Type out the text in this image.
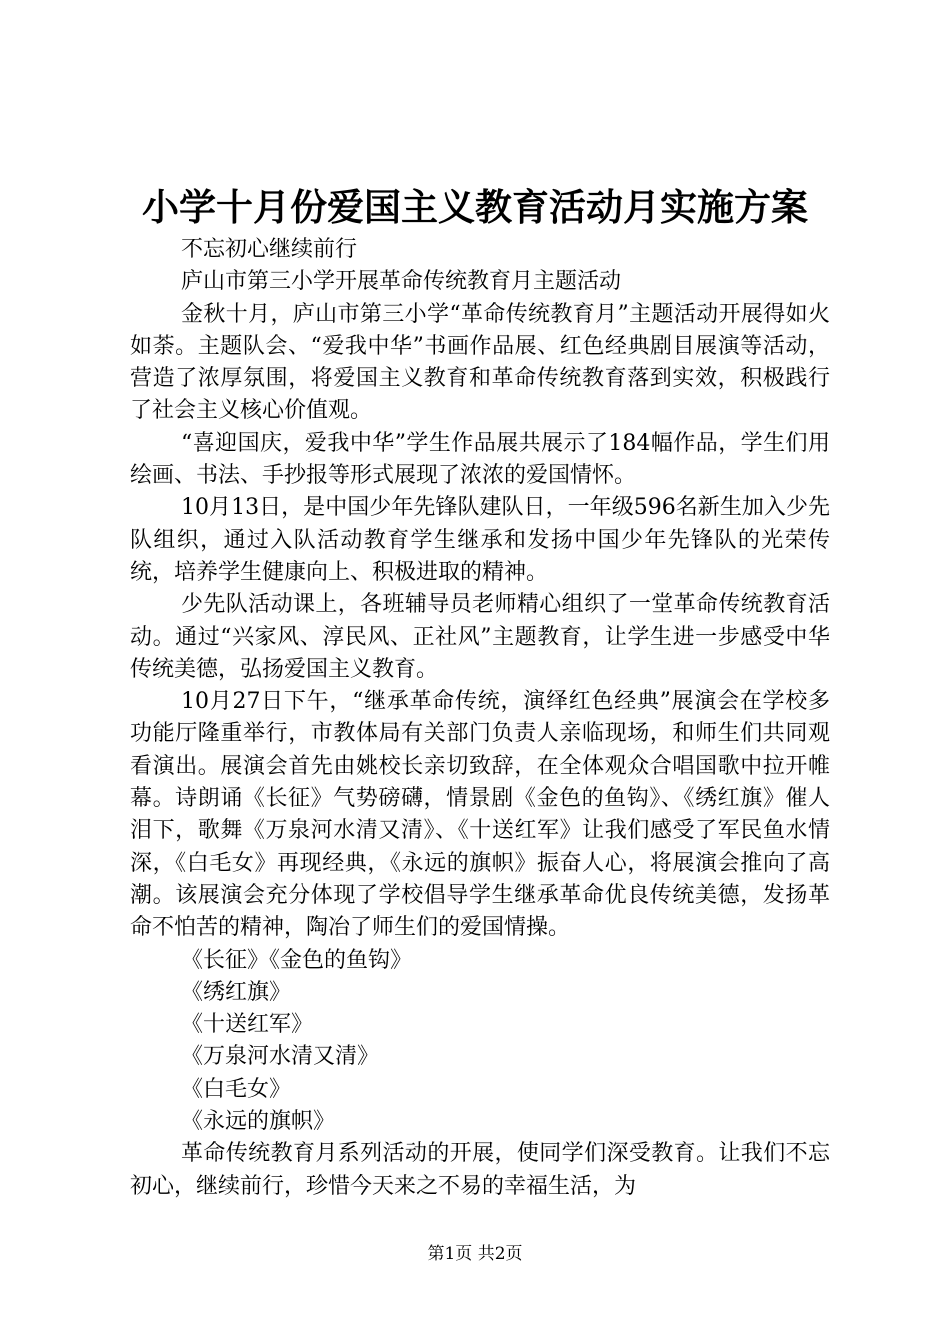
小学十月份爱国主义教育活动月实施方案

不忘初心继续前行

庐山市第三小学开展革命传统教育月主题活动

金秋十月，庐山市第三小学“革命传统教育月”主题活动开展得如火如荼。主题队会、“爱我中华”书画作品展、红色经典剧目展演等活动，营造了浓厚氛围，将爱国主义教育和革命传统教育落到实效，积极践行了社会主义核心价值观。

“喜迎国庆，爱我中华”学生作品展共展示了184幅作品，学生们用绘画、书法、手抄报等形式展现了浓浓的爱国情怀。

10月13日，是中国少年先锋队建队日，一年级596名新生加入少先队组织，通过入队活动教育学生继承和发扬中国少年先锋队的光荣传统，培养学生健康向上、积极进取的精神。

少先队活动课上，各班辅导员老师精心组织了一堂革命传统教育活动。通过“兴家风、淳民风、正社风”主题教育，让学生进一步感受中华传统美德，弘扬爱国主义教育。

10月27日下午，“继承革命传统，演绎红色经典”展演会在学校多功能厅隆重举行，市教体局有关部门负责人亲临现场，和师生们共同观看演出。展演会首先由姚校长亲切致辞，在全体观众合唱国歌中拉开帷幕。诗朗诵《长征》气势磅礴，情景剧《金色的鱼钩》、《绣红旗》催人泪下，歌舞《万泉河水清又清》、《十送红军》让我们感受了军民鱼水情深，《白毛女》再现经典，《永远的旗帜》振奋人心，将展演会推向了高潮。该展演会充分体现了学校倡导学生继承革命优良传统美德，发扬革命不怕苦的精神，陶冶了师生们的爱国情操。

《长征》《金色的鱼钩》

《绣红旗》

《十送红军》

《万泉河水清又清》

《白毛女》

《永远的旗帜》

革命传统教育月系列活动的开展，使同学们深受教育。让我们不忘初心，继续前行，珍惜今天来之不易的幸福生活，为

第1页 共2页
